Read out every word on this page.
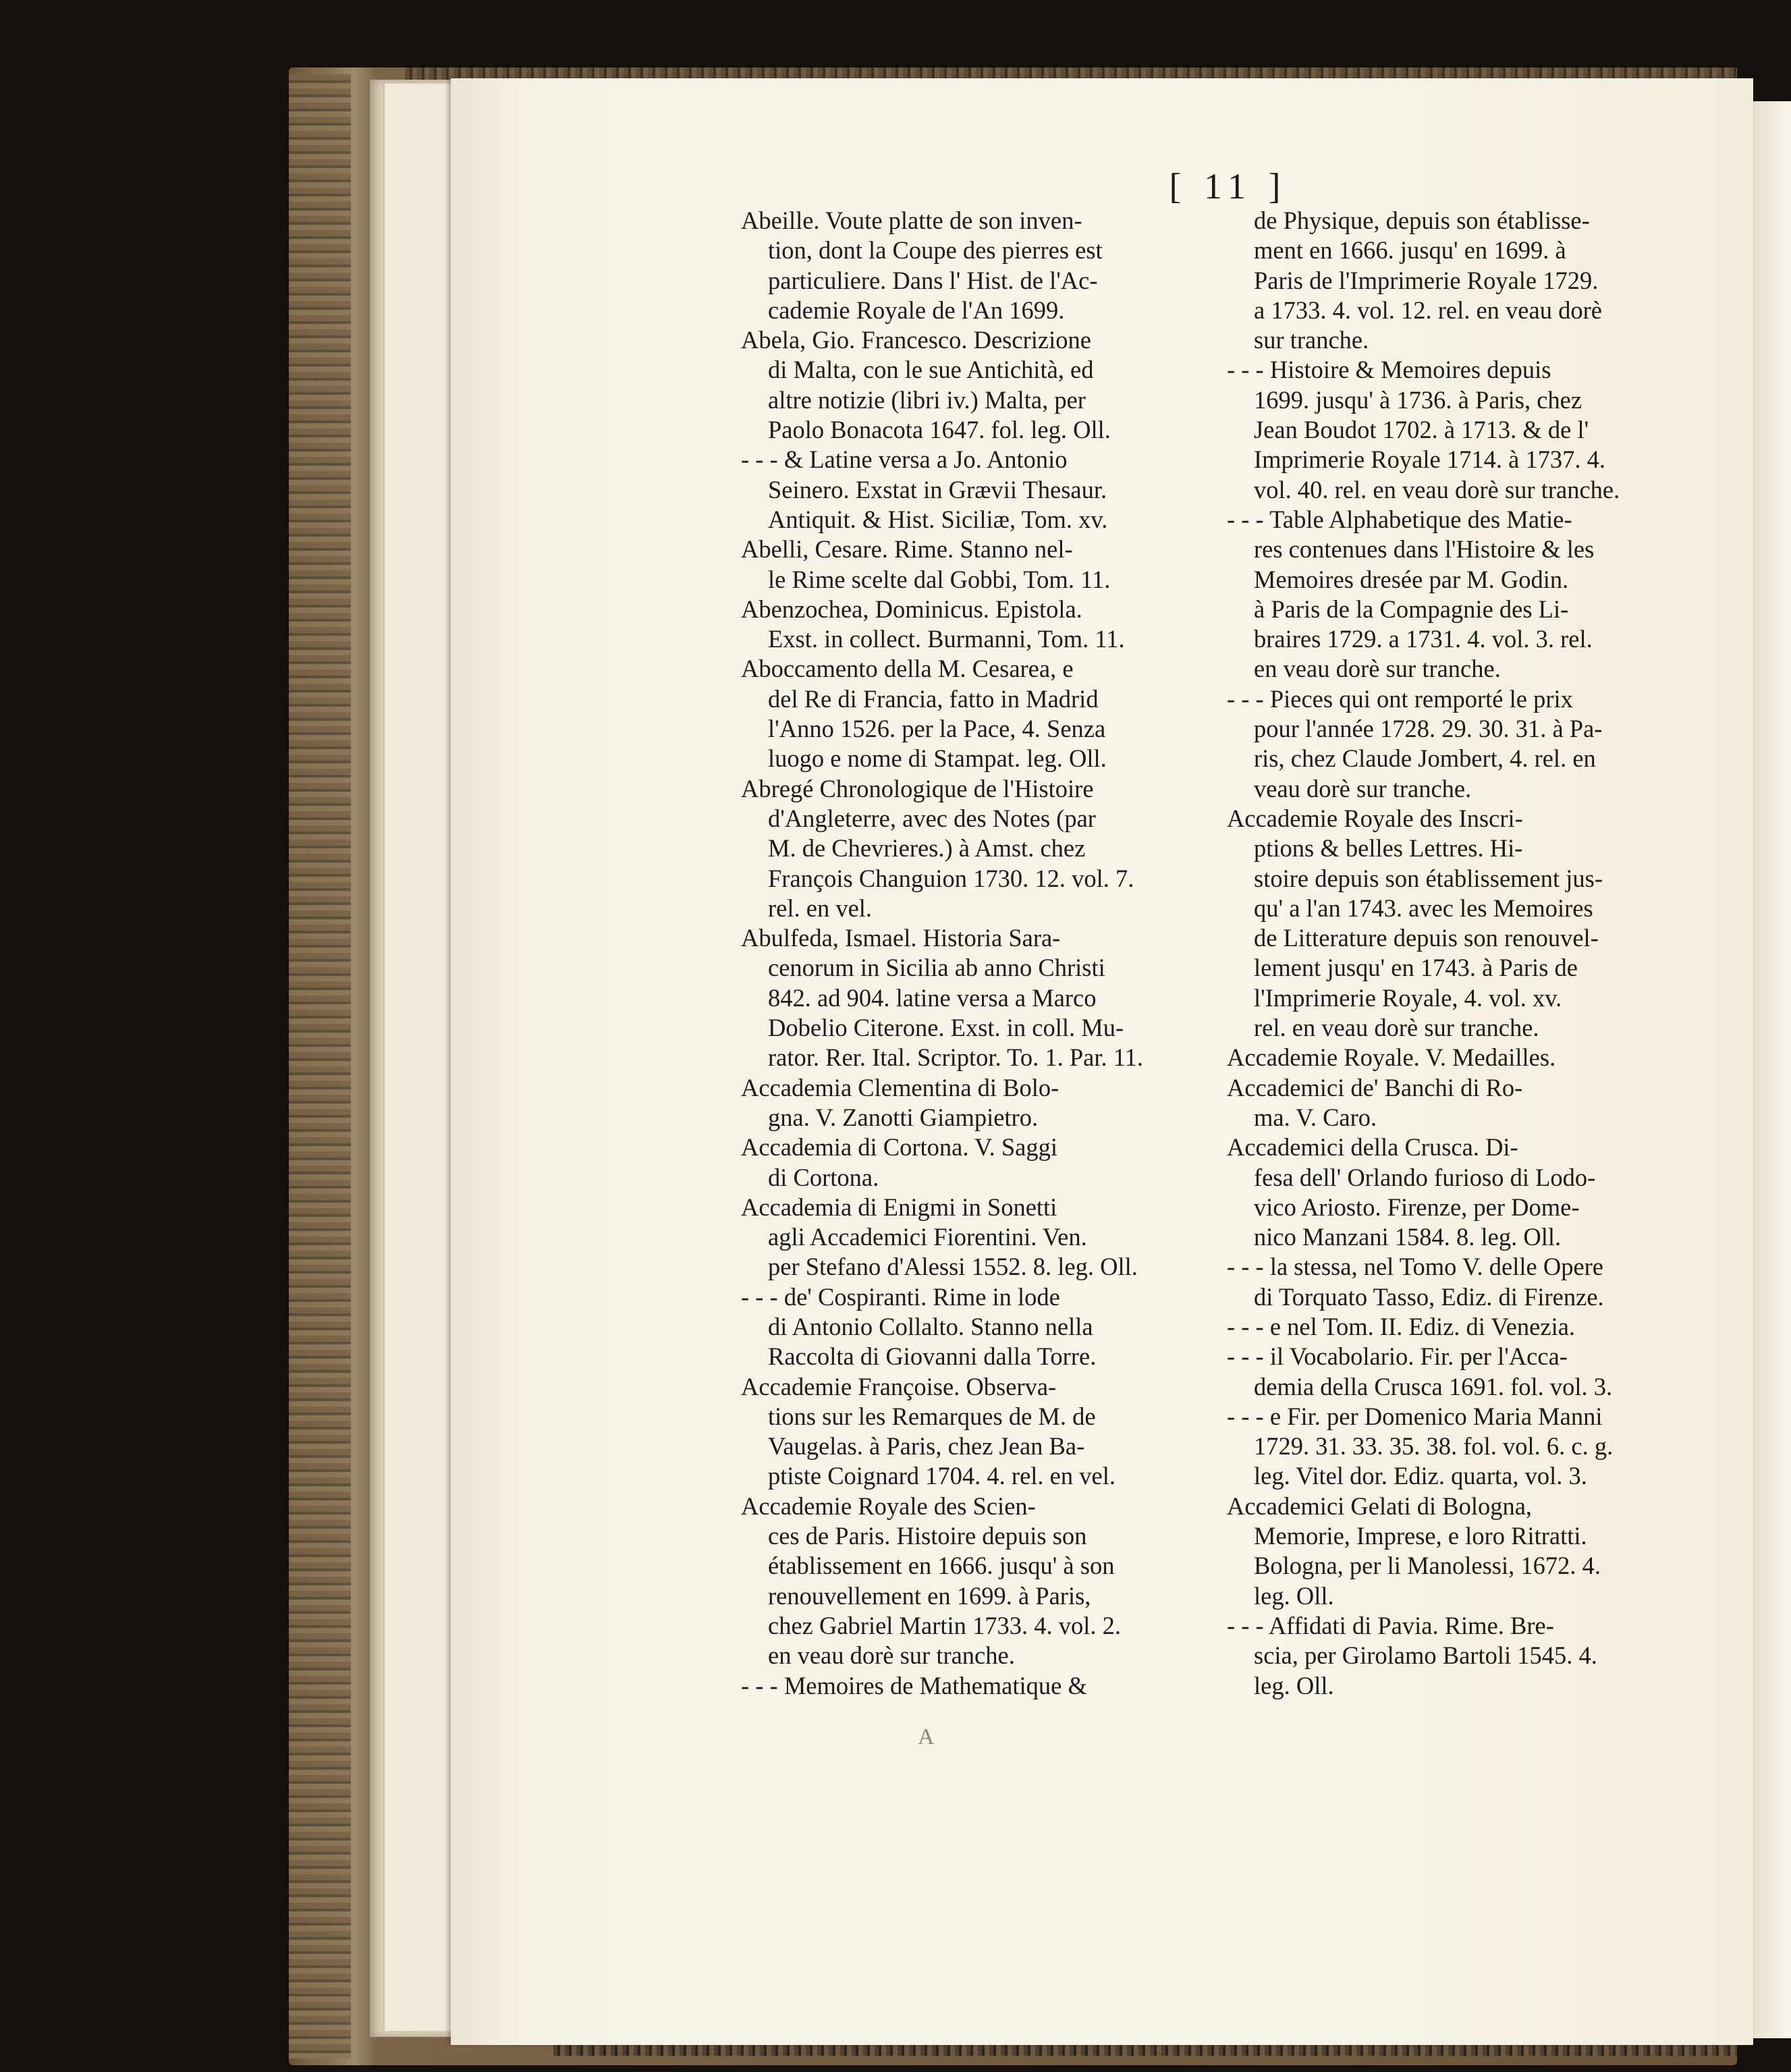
[ 11 ]
Abeille. Voute platte de son inven-
tion, dont la Coupe des pierres est
particuliere. Dans l' Hist. de l'Ac-
cademie Royale de l'An 1699.
Abela, Gio. Francesco. Descrizione
di Malta, con le sue Antichità, ed
altre notizie (libri iv.) Malta, per
Paolo Bonacota 1647. fol. leg. Oll.
- - - & Latine versa a Jo. Antonio
Seinero. Exstat in Grævii Thesaur.
Antiquit. & Hist. Siciliæ, Tom. xv.
Abelli, Cesare. Rime. Stanno nel-
le Rime scelte dal Gobbi, Tom. 11.
Abenzochea, Dominicus. Epistola.
Exst. in collect. Burmanni, Tom. 11.
Aboccamento della M. Cesarea, e
del Re di Francia, fatto in Madrid
l'Anno 1526. per la Pace, 4. Senza
luogo e nome di Stampat. leg. Oll.
Abregé Chronologique de l'Histoire
d'Angleterre, avec des Notes (par
M. de Chevrieres.) à Amst. chez
François Changuion 1730. 12. vol. 7.
rel. en vel.
Abulfeda, Ismael. Historia Sara-
cenorum in Sicilia ab anno Christi
842. ad 904. latine versa a Marco
Dobelio Citerone. Exst. in coll. Mu-
rator. Rer. Ital. Scriptor. To. 1. Par. 11.
Accademia Clementina di Bolo-
gna. V. Zanotti Giampietro.
Accademia di Cortona. V. Saggi
di Cortona.
Accademia di Enigmi in Sonetti
agli Accademici Fiorentini. Ven.
per Stefano d'Alessi 1552. 8. leg. Oll.
- - - de' Cospiranti. Rime in lode
di Antonio Collalto. Stanno nella
Raccolta di Giovanni dalla Torre.
Accademie Françoise. Observa-
tions sur les Remarques de M. de
Vaugelas. à Paris, chez Jean Ba-
ptiste Coignard 1704. 4. rel. en vel.
Accademie Royale des Scien-
ces de Paris. Histoire depuis son
établissement en 1666. jusqu' à son
renouvellement en 1699. à Paris,
chez Gabriel Martin 1733. 4. vol. 2.
en veau dorè sur tranche.
- - - Memoires de Mathematique &
de Physique, depuis son établisse-
ment en 1666. jusqu' en 1699. à
Paris de l'Imprimerie Royale 1729.
a 1733. 4. vol. 12. rel. en veau dorè
sur tranche.
- - - Histoire & Memoires depuis
1699. jusqu' à 1736. à Paris, chez
Jean Boudot 1702. à 1713. & de l'
Imprimerie Royale 1714. à 1737. 4.
vol. 40. rel. en veau dorè sur tranche.
- - - Table Alphabetique des Matie-
res contenues dans l'Histoire & les
Memoires dresée par M. Godin.
à Paris de la Compagnie des Li-
braires 1729. a 1731. 4. vol. 3. rel.
en veau dorè sur tranche.
- - - Pieces qui ont remporté le prix
pour l'année 1728. 29. 30. 31. à Pa-
ris, chez Claude Jombert, 4. rel. en
veau dorè sur tranche.
Accademie Royale des Inscri-
ptions & belles Lettres. Hi-
stoire depuis son établissement jus-
qu' a l'an 1743. avec les Memoires
de Litterature depuis son renouvel-
lement jusqu' en 1743. à Paris de
l'Imprimerie Royale, 4. vol. xv.
rel. en veau dorè sur tranche.
Accademie Royale. V. Medailles.
Accademici de' Banchi di Ro-
ma. V. Caro.
Accademici della Crusca. Di-
fesa dell' Orlando furioso di Lodo-
vico Ariosto. Firenze, per Dome-
nico Manzani 1584. 8. leg. Oll.
- - - la stessa, nel Tomo V. delle Opere
di Torquato Tasso, Ediz. di Firenze.
- - - e nel Tom. II. Ediz. di Venezia.
- - - il Vocabolario. Fir. per l'Acca-
demia della Crusca 1691. fol. vol. 3.
- - - e Fir. per Domenico Maria Manni
1729. 31. 33. 35. 38. fol. vol. 6. c. g.
leg. Vitel dor. Ediz. quarta, vol. 3.
Accademici Gelati di Bologna,
Memorie, Imprese, e loro Ritratti.
Bologna, per li Manolessi, 1672. 4.
leg. Oll.
- - - Affidati di Pavia. Rime. Bre-
scia, per Girolamo Bartoli 1545. 4.
leg. Oll.
A
